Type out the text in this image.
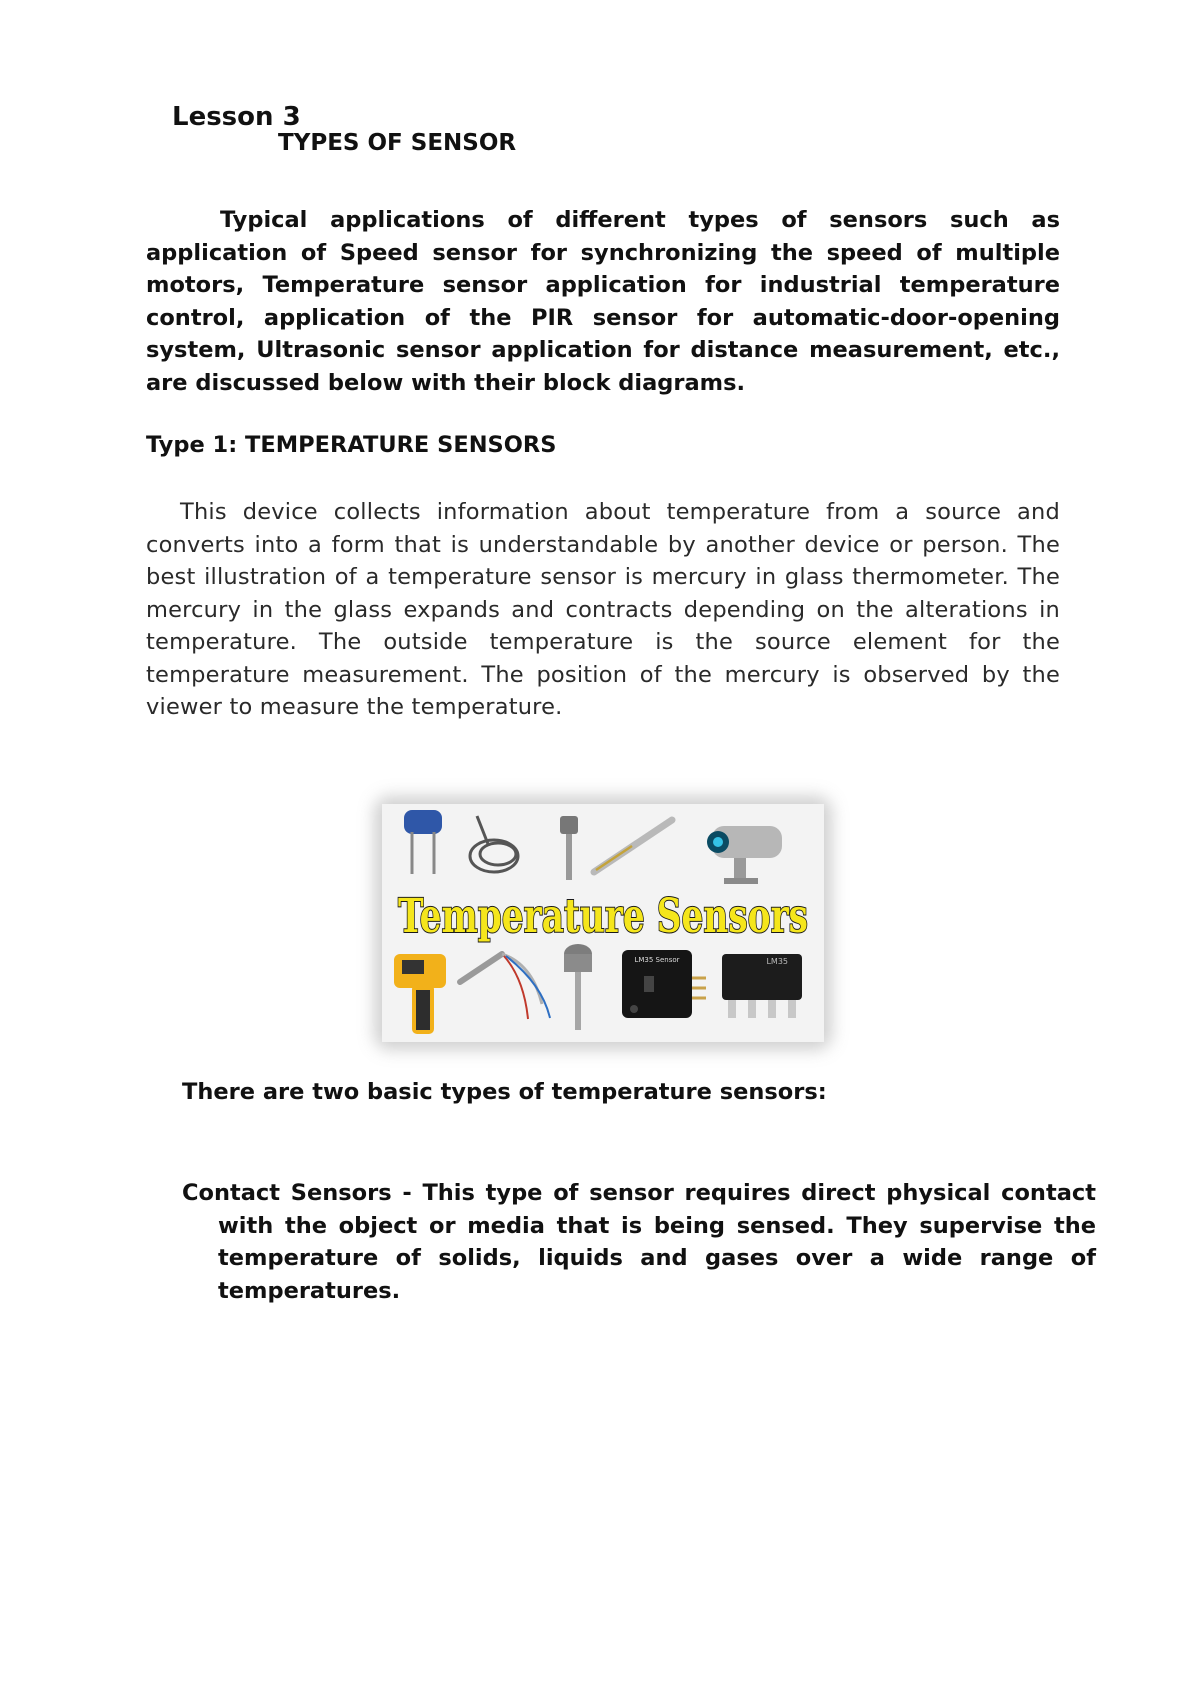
Lesson 3
TYPES OF SENSOR

Typical applications of different types of sensors such as application of Speed sensor for synchronizing the speed of multiple motors, Temperature sensor application for industrial temperature control, application of the PIR sensor for automatic-door-opening system, Ultrasonic sensor application for distance measurement, etc., are discussed below with their block diagrams.

Type 1: TEMPERATURE SENSORS

This device collects information about temperature from a source and converts into a form that is understandable by another device or person. The best illustration of a temperature sensor is mercury in glass thermometer. The mercury in the glass expands and contracts depending on the alterations in temperature. The outside temperature is the source element for the temperature measurement. The position of the mercury is observed by the viewer to measure the temperature.

Temperature Sensors
LM35 Sensor	LM35
There are two basic types of temperature sensors:

Contact Sensors - This type of sensor requires direct physical contact with the object or media that is being sensed. They supervise the temperature of solids, liquids and gases over a wide range of temperatures.
